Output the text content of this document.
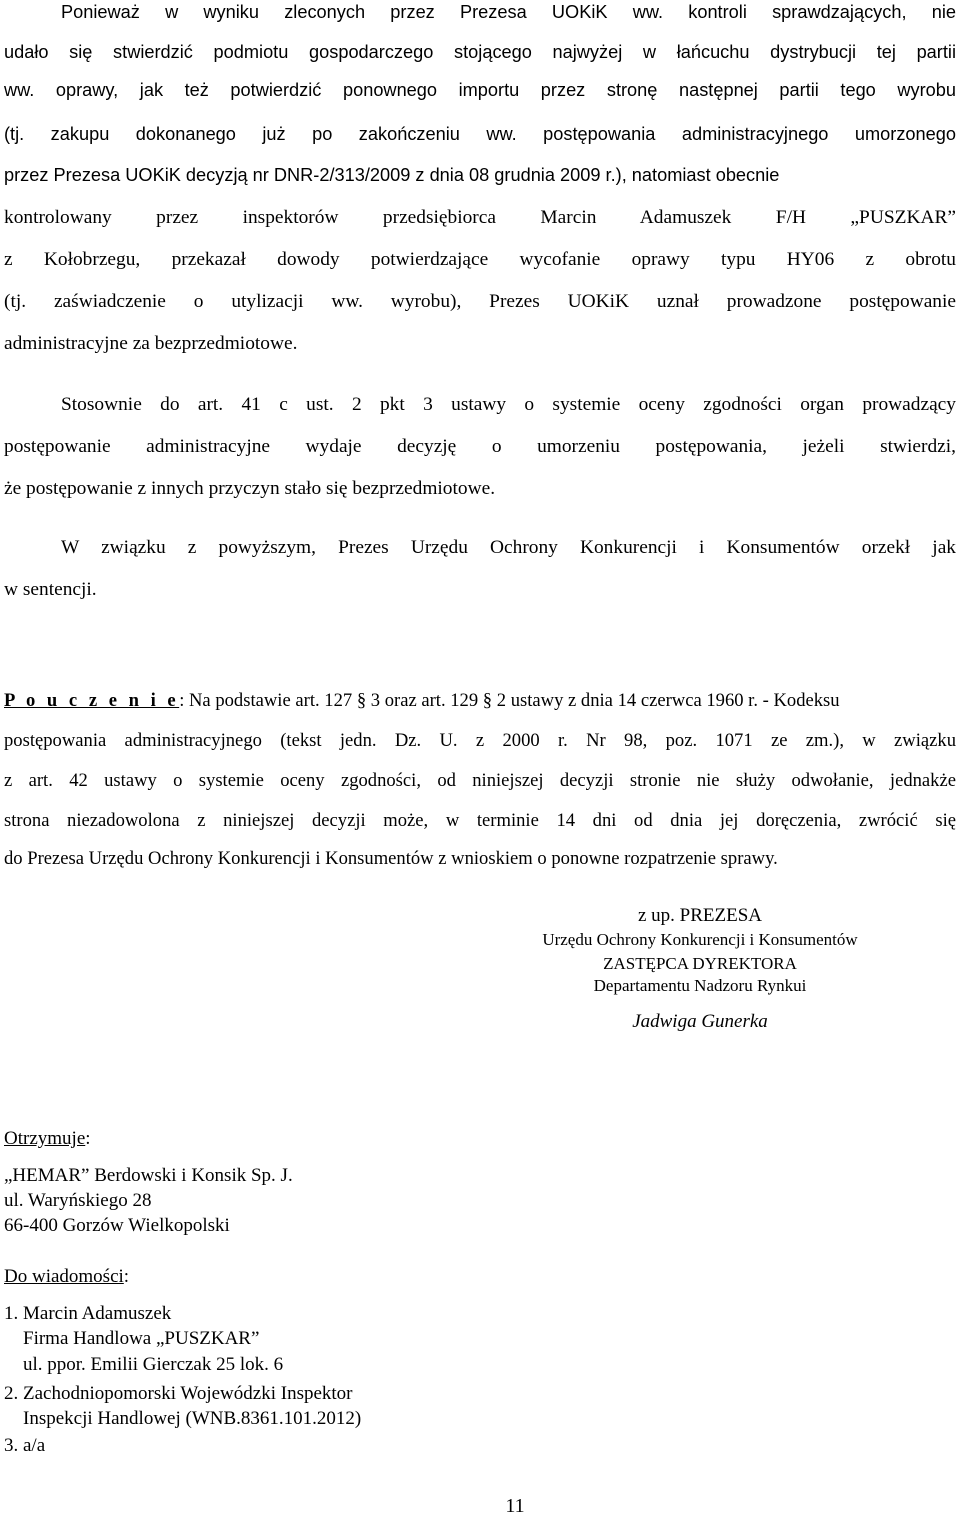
Ponieważ w wyniku zleconych przez Prezesa UOKiK ww. kontroli sprawdzających, nie
udało się stwierdzić podmiotu gospodarczego stojącego najwyżej w łańcuchu dystrybucji tej partii
ww. oprawy, jak też potwierdzić ponownego importu przez stronę następnej partii tego wyrobu
(tj. zakupu dokonanego już po zakończeniu ww. postępowania administracyjnego umorzonego
przez Prezesa UOKiK decyzją nr DNR-2/313/2009 z dnia 08 grudnia 2009 r.), natomiast obecnie
kontrolowany przez inspektorów przedsiębiorca Marcin Adamuszek F/H „PUSZKAR”
z Kołobrzegu, przekazał dowody potwierdzające wycofanie oprawy typu HY06 z obrotu
(tj. zaświadczenie o utylizacji ww. wyrobu), Prezes UOKiK uznał prowadzone postępowanie
administracyjne za bezprzedmiotowe.
Stosownie do art. 41 c ust. 2 pkt 3 ustawy o systemie oceny zgodności organ prowadzący
postępowanie administracyjne wydaje decyzję o umorzeniu postępowania, jeżeli stwierdzi,
że postępowanie z innych przyczyn stało się bezprzedmiotowe.
W związku z powyższym, Prezes Urzędu Ochrony Konkurencji i Konsumentów orzekł jak
w sentencji.
P o u c z e n i e: Na podstawie art. 127 § 3 oraz art. 129 § 2 ustawy z dnia 14 czerwca 1960 r. - Kodeksu
postępowania administracyjnego (tekst jedn. Dz. U. z 2000 r. Nr 98, poz. 1071 ze zm.), w związku
z art. 42 ustawy o systemie oceny zgodności, od niniejszej decyzji stronie nie służy odwołanie, jednakże
strona niezadowolona z niniejszej decyzji może, w terminie 14 dni od dnia jej doręczenia, zwrócić się
do Prezesa Urzędu Ochrony Konkurencji i Konsumentów z wnioskiem o ponowne rozpatrzenie sprawy.
z up. PREZESA
Urzędu Ochrony Konkurencji i Konsumentów
ZASTĘPCA DYREKTORA
Departamentu Nadzoru Rynkui
Jadwiga Gunerka
Otrzymuje:
„HEMAR” Berdowski i Konsik Sp. J.
ul. Waryńskiego 28
66-400 Gorzów Wielkopolski
Do wiadomości:
1. Marcin Adamuszek
Firma Handlowa „PUSZKAR”
ul. ppor. Emilii Gierczak 25 lok. 6
2. Zachodniopomorski Wojewódzki Inspektor
Inspekcji Handlowej (WNB.8361.101.2012)
3. a/a
11
